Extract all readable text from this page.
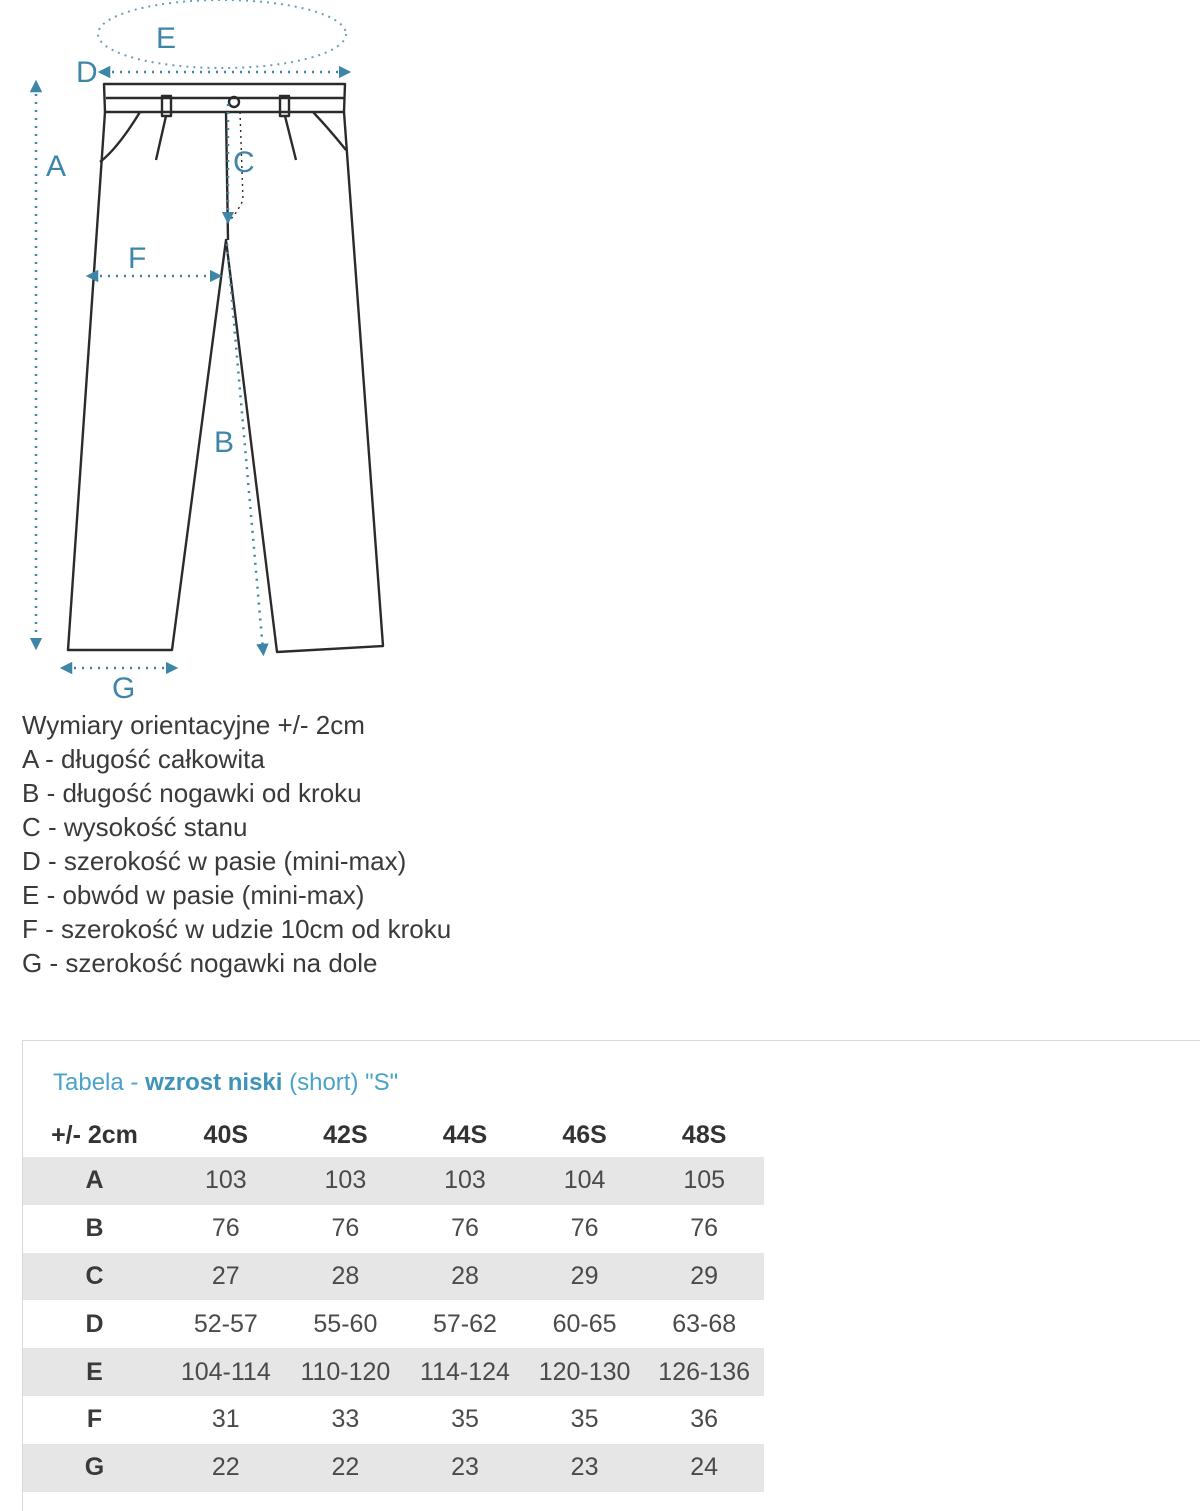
E
D
A	C
F
B
G
Wymiary orientacyjne +/- 2cm
A - długość całkowita
B - długość nogawki od kroku
C - wysokość stanu
D - szerokość w pasie (mini-max)
E - obwód w pasie (mini-max)
F - szerokość w udzie 10cm od kroku
G - szerokość nogawki na dole
Tabela - wzrost niski (short) "S"
+/- 2cm	40S	42S	44S	46S	48S
A	103	103	103	104	105
B	76	76	76	76	76
C	27	28	28	29	29
D	52-57	55-60	57-62	60-65	63-68
E	104-114	110-120	114-124	120-130	126-136
F	31	33	35	35	36
G	22	22	23	23	24
